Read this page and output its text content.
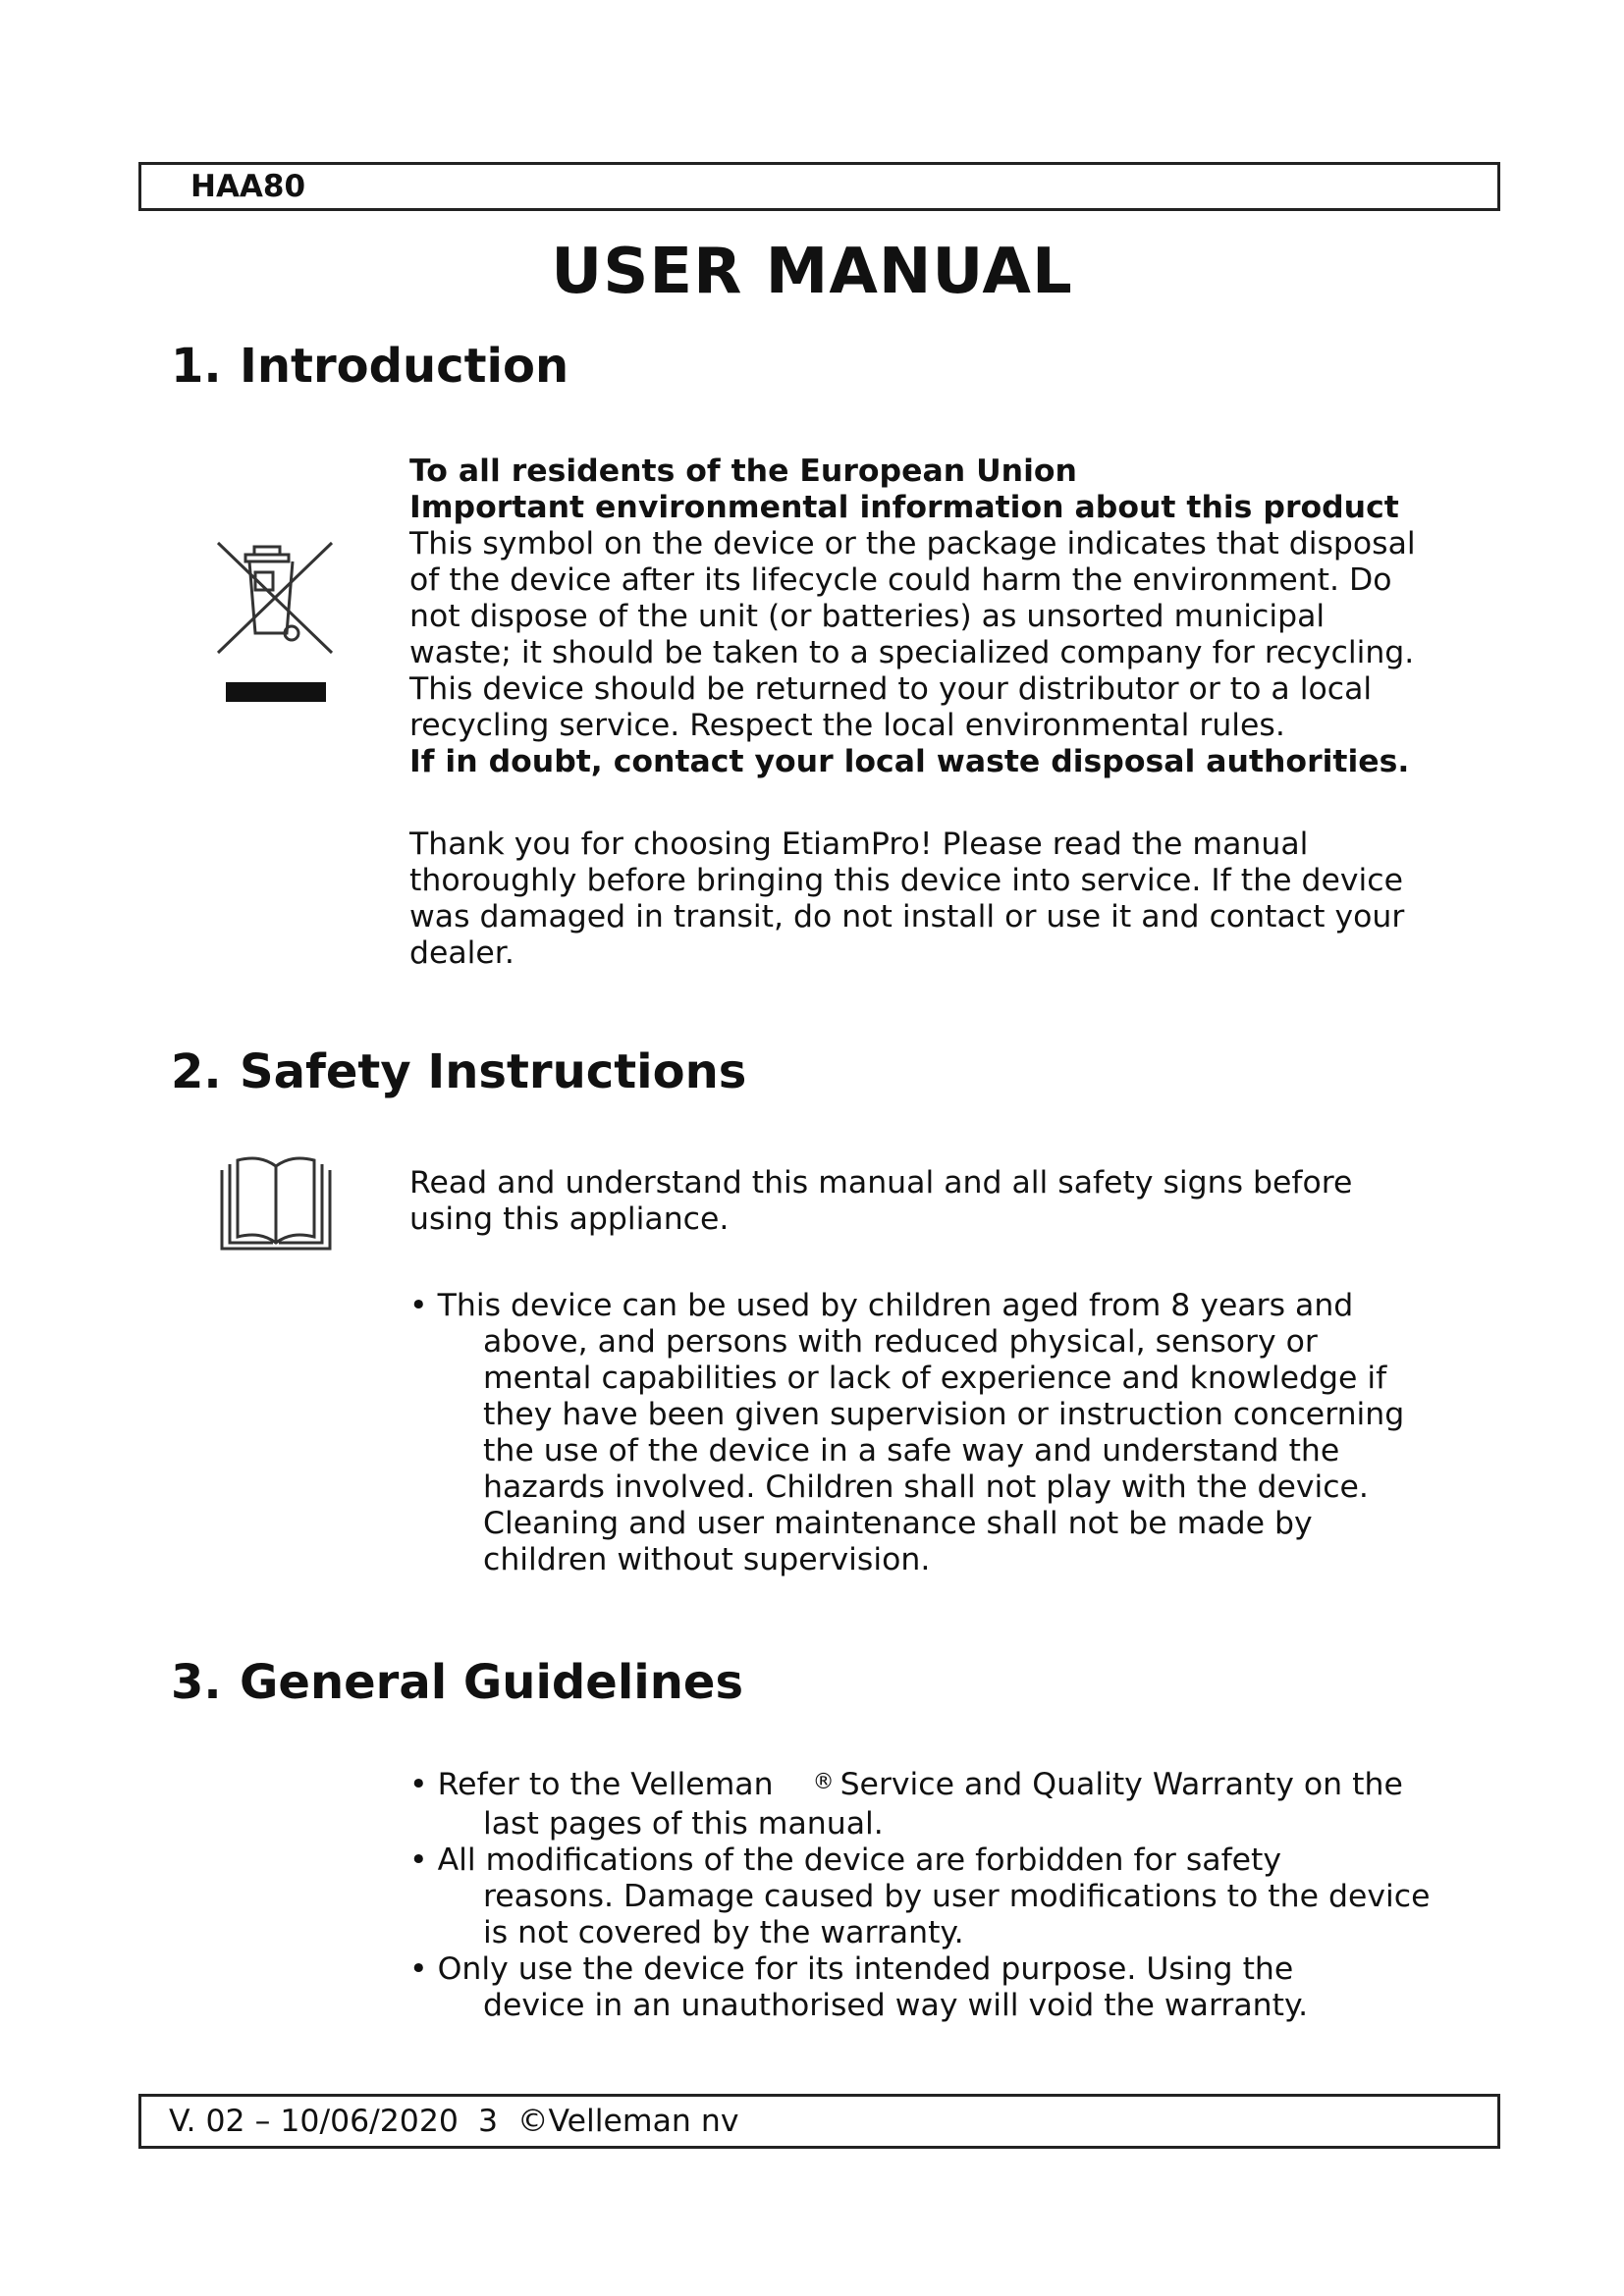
HAA80
USER MANUAL
1. Introduction
To all residents of the European Union
Important environmental information about this product
This symbol on the device or the package indicates that disposal
of the device after its lifecycle could harm the environment. Do
not dispose of the unit (or batteries) as unsorted municipal
waste; it should be taken to a specialized company for recycling.
This device should be returned to your distributor or to a local
recycling service. Respect the local environmental rules.
If in doubt, contact your local waste disposal authorities.
Thank you for choosing EtiamPro! Please read the manual
thoroughly before bringing this device into service. If the device
was damaged in transit, do not install or use it and contact your
dealer.
2. Safety Instructions
Read and understand this manual and all safety signs before
using this appliance.
• This device can be used by children aged from 8 years and
above, and persons with reduced physical, sensory or
mental capabilities or lack of experience and knowledge if
they have been given supervision or instruction concerning
the use of the device in a safe way and understand the
hazards involved. Children shall not play with the device.
Cleaning and user maintenance shall not be made by
children without supervision.
3. General Guidelines
• Refer to the Velleman ® Service and Quality Warranty on the
last pages of this manual.
• All modifications of the device are forbidden for safety
reasons. Damage caused by user modifications to the device
is not covered by the warranty.
• Only use the device for its intended purpose. Using the
device in an unauthorised way will void the warranty.
V. 02 – 10/06/2020  3  ©Velleman nv
